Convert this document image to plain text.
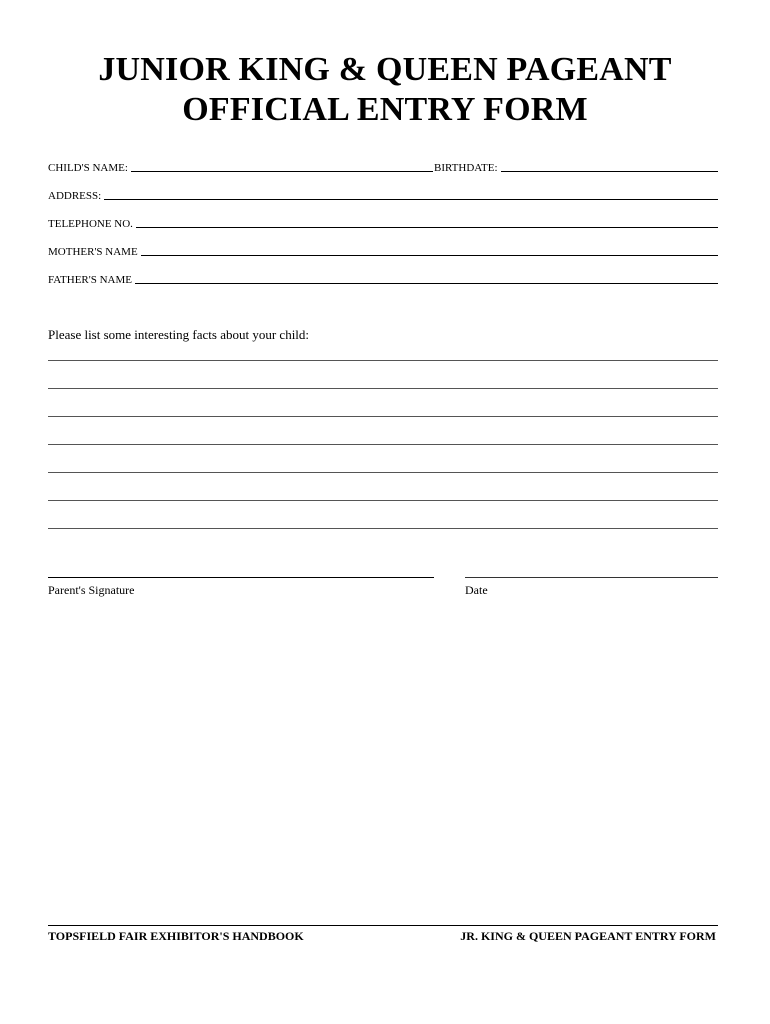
JUNIOR KING & QUEEN PAGEANT
OFFICIAL ENTRY FORM
CHILD'S NAME:	BIRTHDATE:
ADDRESS:
TELEPHONE NO.
MOTHER'S NAME
FATHER'S NAME
Please list some interesting facts about your child:
Parent's Signature	Date
TOPSFIELD FAIR EXHIBITOR'S HANDBOOK	JR. KING & QUEEN PAGEANT ENTRY FORM
